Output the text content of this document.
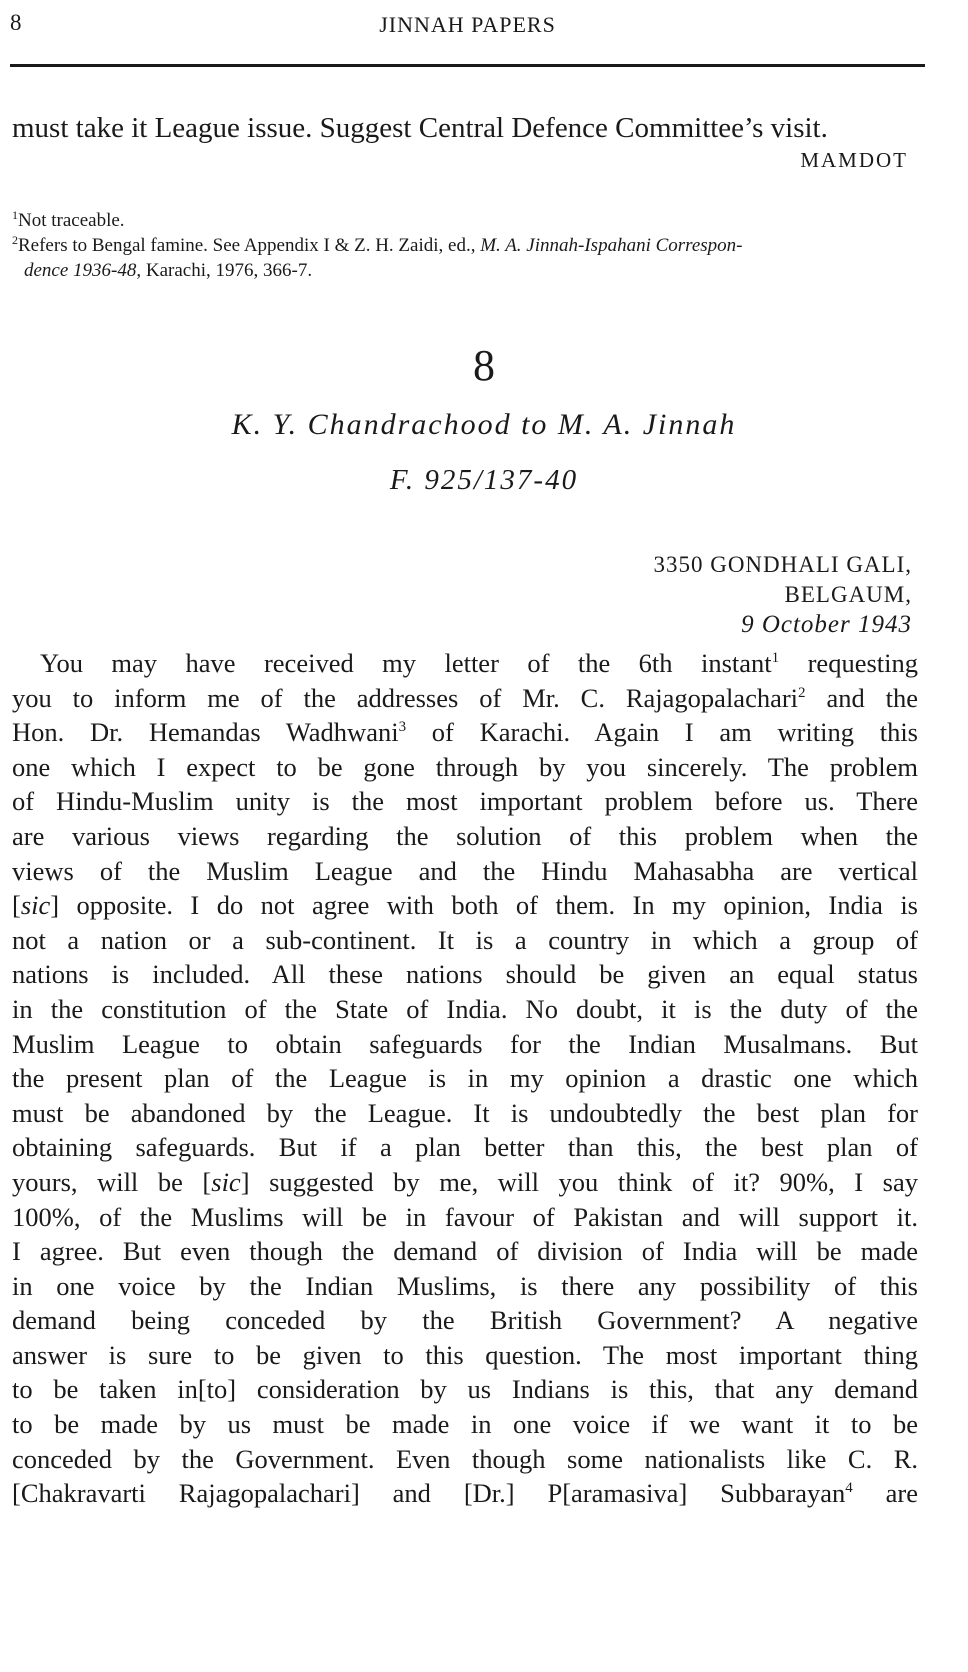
8	JINNAH PAPERS
must take it League issue. Suggest Central Defence Committee’s visit.
MAMDOT

$^1$Not traceable.

$^2$Refers to Bengal famine. See Appendix I & Z. H. Zaidi, ed., M. A. Jinnah-Ispahani Correspon-
dence 1936-48, Karachi, 1976, 366-7.

8
K. Y. Chandrachood to M. A. Jinnah
F. 925/137-40
3350 GONDHALI GALI,
BELGAUM,
9 October 1943
You may have received my letter of the 6th instant$^1$ requesting
you to inform me of the addresses of Mr. C. Rajagopalachari$^2$ and the
Hon. Dr. Hemandas Wadhwani$^3$ of Karachi. Again I am writing this
one which I expect to be gone through by you sincerely. The problem
of Hindu-Muslim unity is the most important problem before us. There
are various views regarding the solution of this problem when the
views of the Muslim League and the Hindu Mahasabha are vertical
[sic] opposite. I do not agree with both of them. In my opinion, India is
not a nation or a sub-continent. It is a country in which a group of
nations is included. All these nations should be given an equal status
in the constitution of the State of India. No doubt, it is the duty of the
Muslim League to obtain safeguards for the Indian Musalmans. But
the present plan of the League is in my opinion a drastic one which
must be abandoned by the League. It is undoubtedly the best plan for
obtaining safeguards. But if a plan better than this, the best plan of
yours, will be [sic] suggested by me, will you think of it? 90%, I say
100%, of the Muslims will be in favour of Pakistan and will support it.
I agree. But even though the demand of division of India will be made
in one voice by the Indian Muslims, is there any possibility of this
demand being conceded by the British Government? A negative
answer is sure to be given to this question. The most important thing
to be taken in[to] consideration by us Indians is this, that any demand
to be made by us must be made in one voice if we want it to be
conceded by the Government. Even though some nationalists like C. R.
[Chakravarti Rajagopalachari] and [Dr.] P[aramasiva] Subbarayan$^4$ are
